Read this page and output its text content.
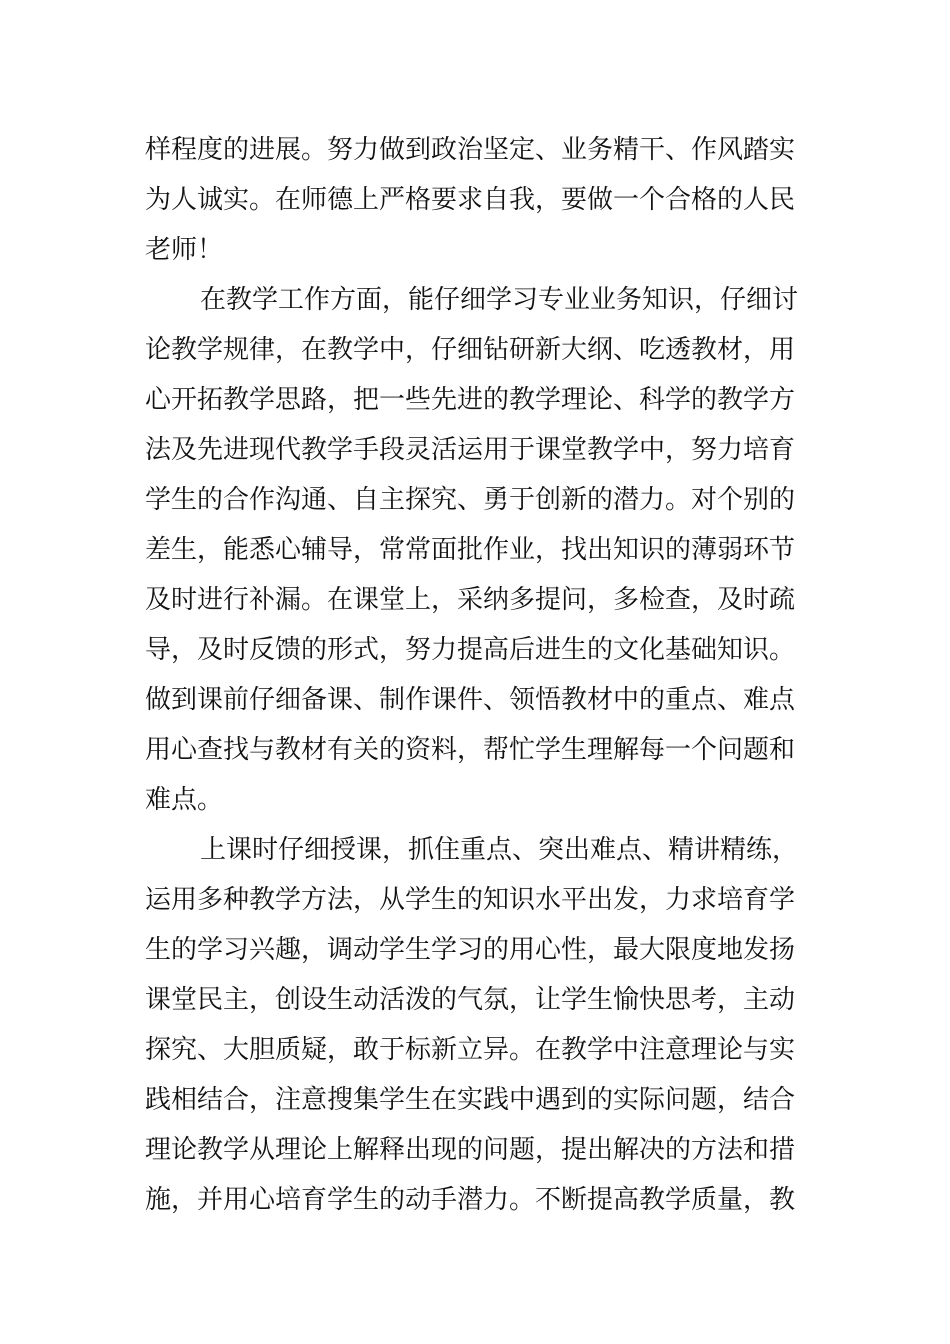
样程度的进展。努力做到政治坚定、业务精干、作风踏实
为人诚实。在师德上严格要求自我，要做一个合格的人民
老师！
在教学工作方面，能仔细学习专业业务知识，仔细讨
论教学规律，在教学中，仔细钻研新大纲、吃透教材，用
心开拓教学思路，把一些先进的教学理论、科学的教学方
法及先进现代教学手段灵活运用于课堂教学中，努力培育
学生的合作沟通、自主探究、勇于创新的潜力。对个别的
差生，能悉心辅导，常常面批作业，找出知识的薄弱环节
及时进行补漏。在课堂上，采纳多提问，多检查，及时疏
导，及时反馈的形式，努力提高后进生的文化基础知识。
做到课前仔细备课、制作课件、领悟教材中的重点、难点
用心查找与教材有关的资料，帮忙学生理解每一个问题和
难点。
上课时仔细授课，抓住重点、突出难点、精讲精练，
运用多种教学方法，从学生的知识水平出发，力求培育学
生的学习兴趣，调动学生学习的用心性，最大限度地发扬
课堂民主，创设生动活泼的气氛，让学生愉快思考，主动
探究、大胆质疑，敢于标新立异。在教学中注意理论与实
践相结合，注意搜集学生在实践中遇到的实际问题，结合
理论教学从理论上解释出现的问题，提出解决的方法和措
施，并用心培育学生的动手潜力。不断提高教学质量，教
